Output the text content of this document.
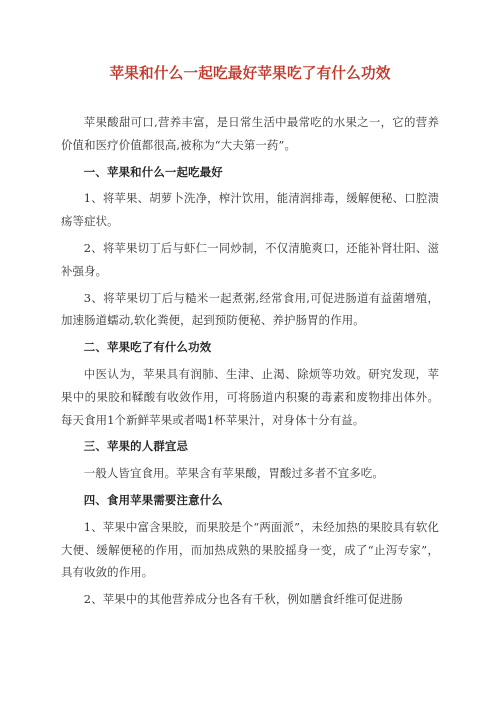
苹果和什么一起吃最好苹果吃了有什么功效

苹果酸甜可口,营养丰富，是日常生活中最常吃的水果之一，它的营养价值和医疗价值都很高,被称为“大夫第一药”。

一、苹果和什么一起吃最好

1、将苹果、胡萝卜洗净，榨汁饮用，能清润排毒，缓解便秘、口腔溃疡等症状。

2、将苹果切丁后与虾仁一同炒制，不仅清脆爽口，还能补肾壮阳、滋补强身。

3、将苹果切丁后与糙米一起煮粥,经常食用,可促进肠道有益菌增殖，加速肠道蠕动,软化粪便，起到预防便秘、养护肠胃的作用。

二、苹果吃了有什么功效

中医认为，苹果具有润肺、生津、止渴、除烦等功效。研究发现，苹果中的果胶和鞣酸有收敛作用，可将肠道内积聚的毒素和废物排出体外。每天食用1个新鲜苹果或者喝1杯苹果汁，对身体十分有益。

三、苹果的人群宜忌

一般人皆宜食用。苹果含有苹果酸，胃酸过多者不宜多吃。

四、食用苹果需要注意什么

1、苹果中富含果胶，而果胶是个“两面派”，未经加热的果胶具有软化大便、缓解便秘的作用，而加热成熟的果胶摇身一变，成了“止泻专家”，具有收敛的作用。

2、苹果中的其他营养成分也各有千秋，例如膳食纤维可促进肠
